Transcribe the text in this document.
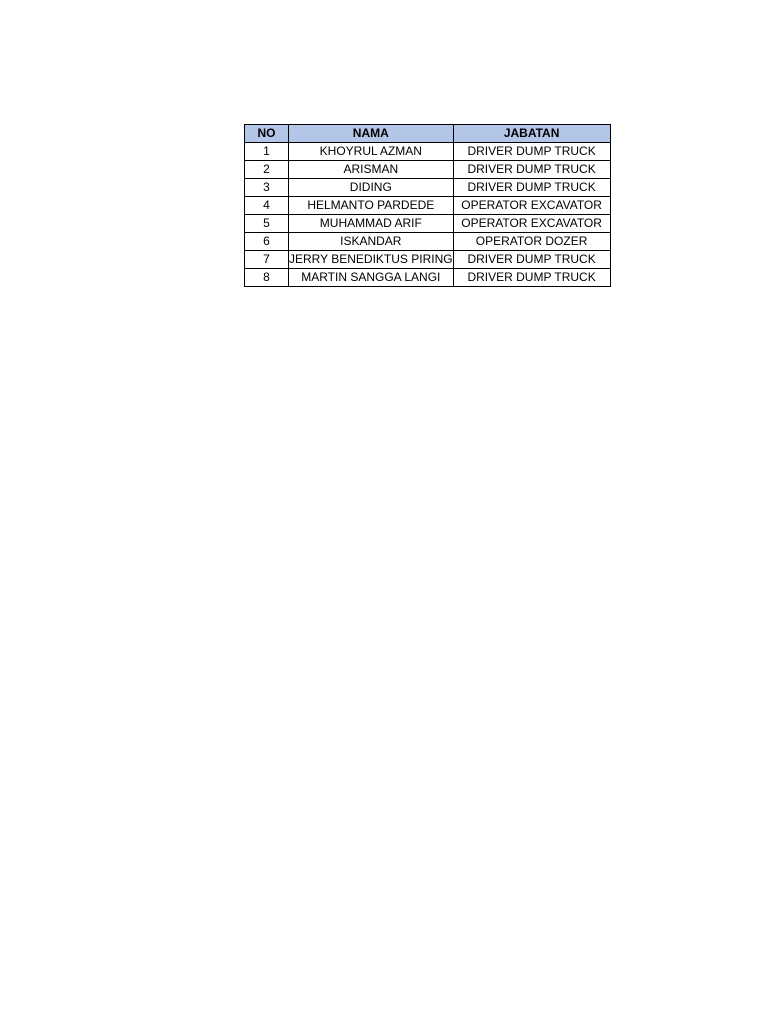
NO	NAMA	JABATAN
1	KHOYRUL AZMAN	DRIVER DUMP TRUCK
2	ARISMAN	DRIVER DUMP TRUCK
3	DIDING	DRIVER DUMP TRUCK
4	HELMANTO PARDEDE	OPERATOR EXCAVATOR
5	MUHAMMAD ARIF	OPERATOR EXCAVATOR
6	ISKANDAR	OPERATOR DOZER
7	JERRY BENEDIKTUS PIRING	DRIVER DUMP TRUCK
8	MARTIN SANGGA LANGI	DRIVER DUMP TRUCK
